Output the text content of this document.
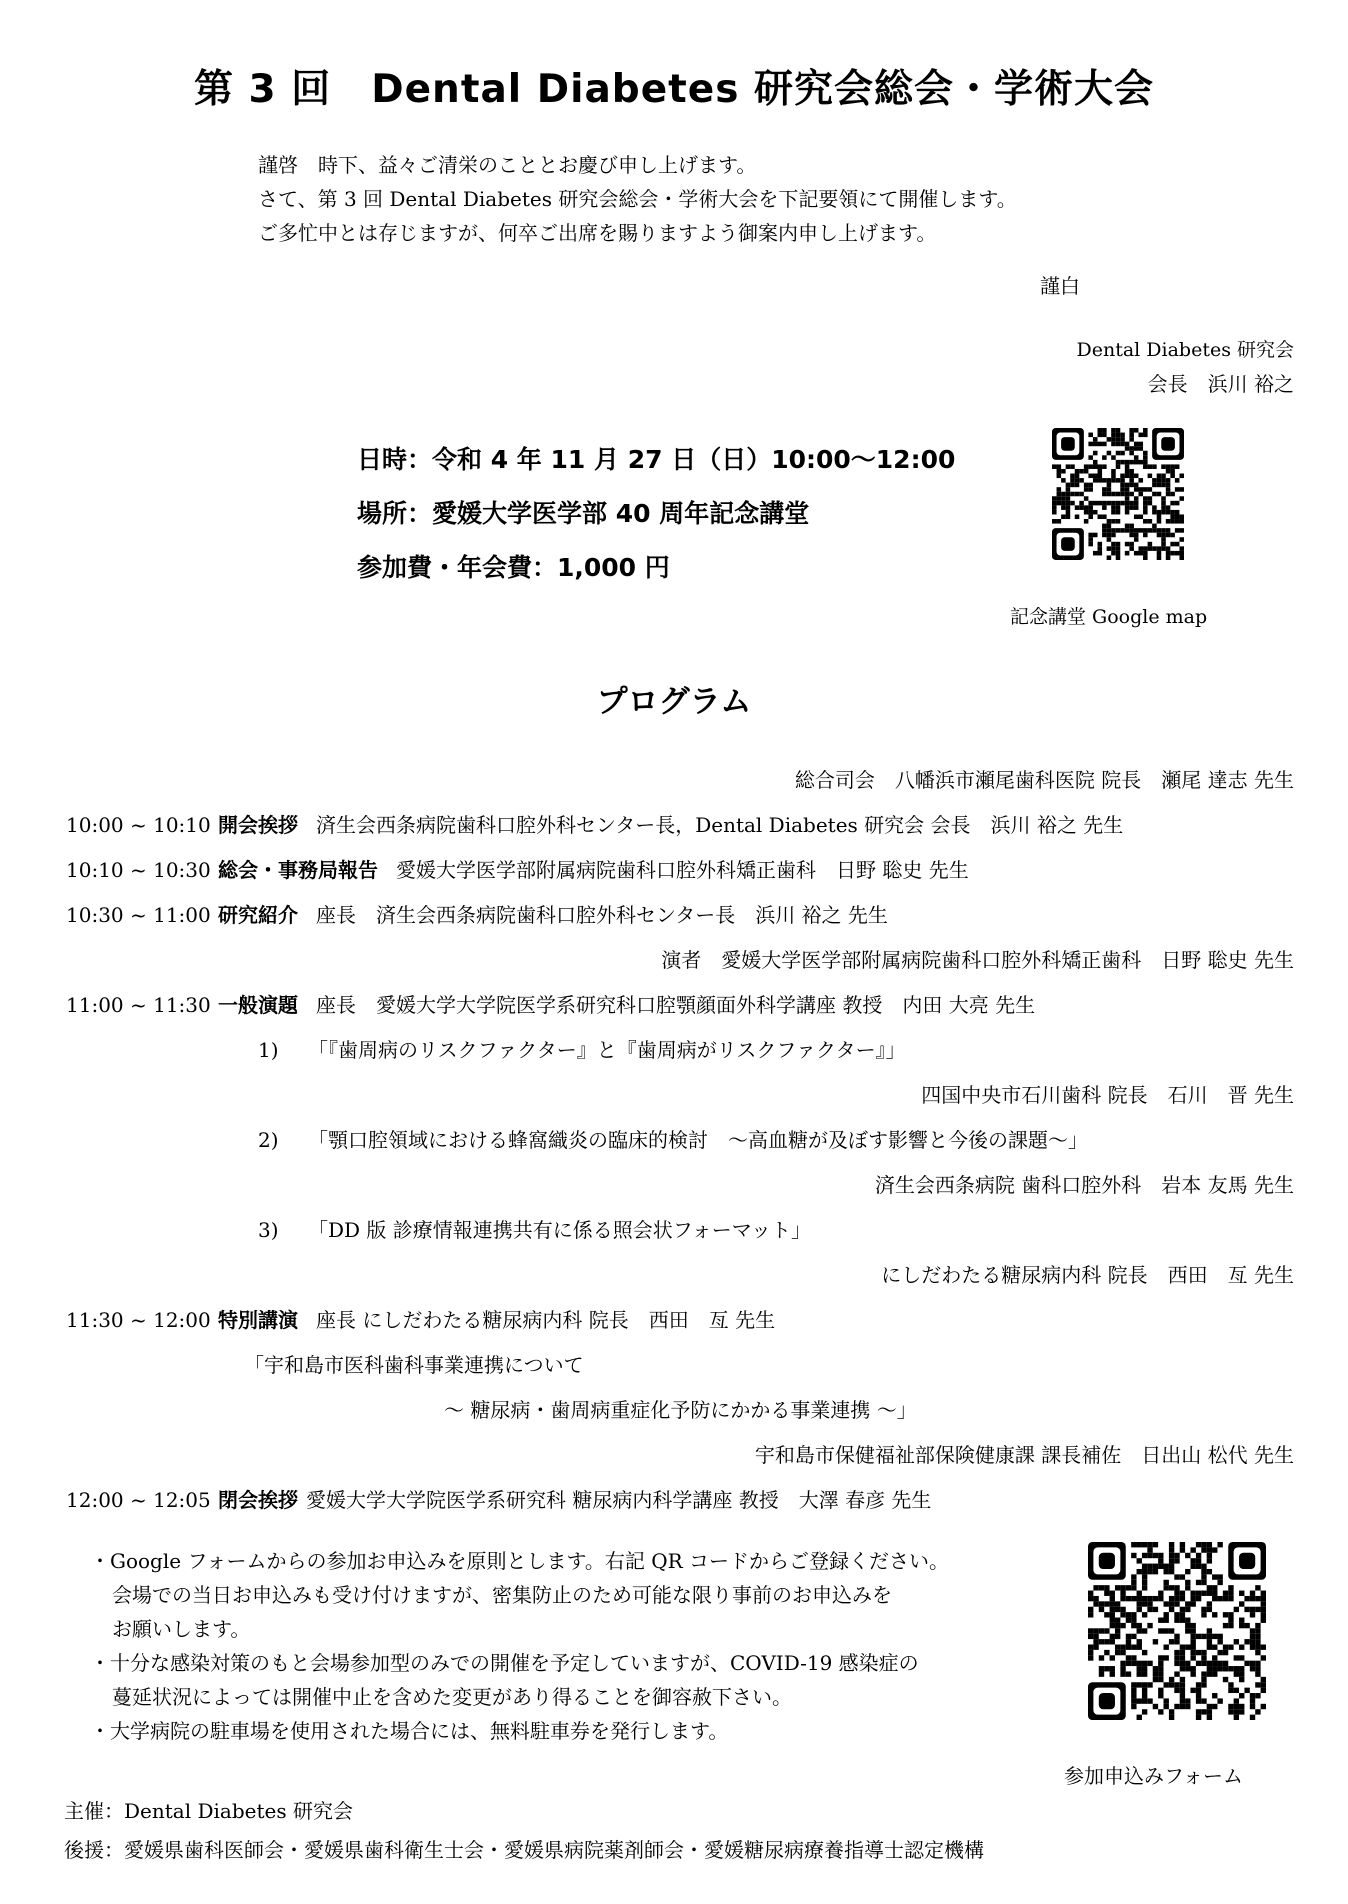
第 3 回　Dental Diabetes 研究会総会・学術大会
謹啓　時下、益々ご清栄のこととお慶び申し上げます。
さて、第 3 回 Dental Diabetes 研究会総会・学術大会を下記要領にて開催します。
ご多忙中とは存じますが、何卒ご出席を賜りますよう御案内申し上げます。
謹白
Dental Diabetes 研究会
会長　浜川 裕之
日時：令和 4 年 11 月 27 日（日）10:00～12:00
場所：愛媛大学医学部 40 周年記念講堂
参加費・年会費：1,000 円
記念講堂 Google map
プログラム
総合司会　八幡浜市瀬尾歯科医院 院長　瀬尾 達志 先生
10:00 ~ 10:10 開会挨拶 済生会西条病院歯科口腔外科センター長，Dental Diabetes 研究会 会長　浜川 裕之 先生
10:10 ~ 10:30 総会・事務局報告 愛媛大学医学部附属病院歯科口腔外科矯正歯科　日野 聡史 先生
10:30 ~ 11:00 研究紹介 座長　済生会西条病院歯科口腔外科センター長　浜川 裕之 先生
演者　愛媛大学医学部附属病院歯科口腔外科矯正歯科　日野 聡史 先生
11:00 ~ 11:30 一般演題 座長　愛媛大学大学院医学系研究科口腔顎顔面外科学講座 教授　内田 大亮 先生
1) 「『歯周病のリスクファクター』と『歯周病がリスクファクター』」
四国中央市石川歯科 院長　石川　晋 先生
2) 「顎口腔領域における蜂窩織炎の臨床的検討　～高血糖が及ぼす影響と今後の課題～」
済生会西条病院 歯科口腔外科　岩本 友馬 先生
3) 「DD 版 診療情報連携共有に係る照会状フォーマット」
にしだわたる糖尿病内科 院長　西田　亙 先生
11:30 ~ 12:00 特別講演 座長 にしだわたる糖尿病内科 院長　西田　亙 先生
「宇和島市医科歯科事業連携について
～ 糖尿病・歯周病重症化予防にかかる事業連携 ～」
宇和島市保健福祉部保険健康課 課長補佐　日出山 松代 先生
12:00 ~ 12:05 閉会挨拶 愛媛大学大学院医学系研究科 糖尿病内科学講座 教授　大澤 春彦 先生
・Google フォームからの参加お申込みを原則とします。右記 QR コードからご登録ください。
会場での当日お申込みも受け付けますが、密集防止のため可能な限り事前のお申込みを
お願いします。
・十分な感染対策のもと会場参加型のみでの開催を予定していますが、COVID-19 感染症の
蔓延状況によっては開催中止を含めた変更があり得ることを御容赦下さい。
・大学病院の駐車場を使用された場合には、無料駐車券を発行します。
参加申込みフォーム
主催：Dental Diabetes 研究会
後援：愛媛県歯科医師会・愛媛県歯科衛生士会・愛媛県病院薬剤師会・愛媛糖尿病療養指導士認定機構
